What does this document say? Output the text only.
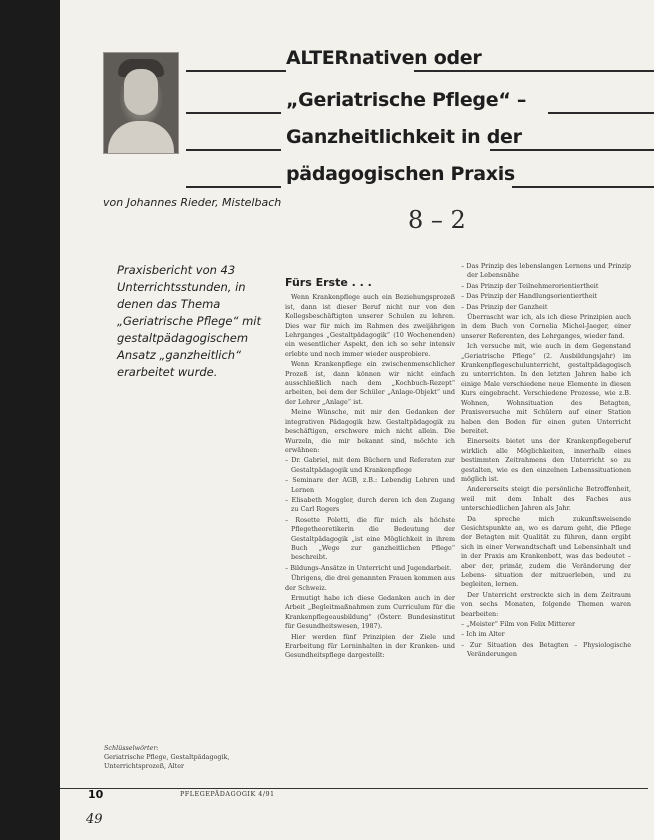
ALTERnativen oder
„Geriatrische Pflege“ –
Ganzheitlichkeit in der
pädagogischen Praxis
von Johannes Rieder, Mistelbach
8 – 2
Praxisbericht von 43 Unterrichtsstunden, in denen das Thema „Geriatrische Pflege“ mit gestaltpädagogischem Ansatz „ganzheitlich“ erarbeitet wurde.
Fürs Erste . . .

Wenn Krankenpflege auch ein Beziehungsprozeß ist, dann ist dieser Beruf nicht nur von den Kollegsbeschäftigten unserer Schulen zu lehren. Dies war für mich im Rahmen des zweijährigen Lehrganges „Gestaltpädagogik“ (10 Wochenenden) ein wesentlicher Aspekt, den ich so sehr intensiv erlebte und noch immer wieder ausprobiere.

Wenn Krankenpflege ein zwischenmenschlicher Prozeß ist, dann können wir nicht einfach ausschließlich nach dem „Kochbuch-Rezept“ arbeiten, bei dem der Schüler „Anlage-Objekt“ und der Lehrer „Anlage“ ist.

Meine Wünsche, mit mir den Gedanken der integrativen Pädagogik bzw. Gestaltpädagogik zu beschäftigen, erschwere mich nicht allein. Die Wurzeln, die mir bekannt sind, möchte ich erwähnen:

– Dr. Gabriel, mit dem Büchern und Referaten zur Gestaltpädagogik und Krankenpflege

– Seminare der AGB, z.B.: Lebendig Lehren und Lernen

– Elisabeth Moggler, durch deren ich den Zugang zu Carl Rogers

– Rosette Poletti, die für mich als höchste Pflegetheoretikerin die Bedeutung der Gestaltpädagogik „ist eine Möglichkeit in ihrem Buch „Wege zur ganzheitlichen Pflege“ beschreibt.

– Bildungs-Ansätze in Unterricht und Jugendarbeit.

Übrigens, die drei genannten Frauen kommen aus der Schweiz.

Ermutigt habe ich diese Gedanken auch in der Arbeit „Begleitmaßnahmen zum Curriculum für die Krankenpflegeausbildung“ (Österr. Bundesinstitut für Gesundheitswesen, 1987).

Hier werden fünf Prinzipien der Ziele und Erarbeitung für Lerninhalten in der Kranken- und Gesundheitspflege dargestellt:

– Das Prinzip des lebenslangen Lernens und Prinzip der Lebensnähe

– Das Prinzip der Teilnehmerorientiertheit

– Das Prinzip der Handlungsorientiertheit

– Das Prinzip der Ganzheit

Überrascht war ich, als ich diese Prinzipien auch in dem Buch von Cornelia Michel-Jaeger, einer unserer Referenten, des Lehrganges, wieder fand.

Ich versuche mit, wie auch in dem Gegenstand „Geriatrische Pflege“ (2. Ausbildungsjahr) im Krankenpflegeschulunterricht, gestaltpädagogisch zu unterrichten. In den letzten Jahren habe ich einige Male verschiedene neue Elemente in diesen Kurs eingebracht. Verschiedene Prozesse, wie z.B. Wohnen, Wohnsituation des Betagten, Praxisversuche mit Schülern auf einer Station haben den Boden für einen guten Unterricht bereitet.

Einerseits bietet uns der Krankenpflegeberuf wirklich alle Möglichkeiten, innerhalb eines bestimmten Zeitrahmens den Unterricht so zu gestalten, wie es den einzelnen Lebenssituationen möglich ist.

Andererseits steigt die persönliche Betroffenheit, weil mit dem Inhalt des Faches aus unterschiedlichen Jahren als Jahr.

Da spreche mich zukunftsweisende Gesichtspunkte an, wo es darum geht, die Pflege der Betagten mit Qualität zu führen, dann ergibt sich in einer Verwandtschaft und Lebensinhalt und in der Praxis am Krankenbett, was das bedeutet – aber der, primär, zudem die Veränderung der Lebens- situation der mitzuerleben, und zu begleiten, lernen.

Der Unterricht erstreckte sich in dem Zeitraum von sechs Monaten, folgende Themen waren bearbeiten:

– „Meister“ Film von Felix Mitterer

– Ich im Alter

– Zur Situation des Betagten – Physiologische Veränderungen

Schlüsselwörter:
Geriatrische Pflege, Gestaltpädagogik, Unterrichtsprozeß, Alter
10	PFLEGEPÄDAGOGIK 4/91
49
